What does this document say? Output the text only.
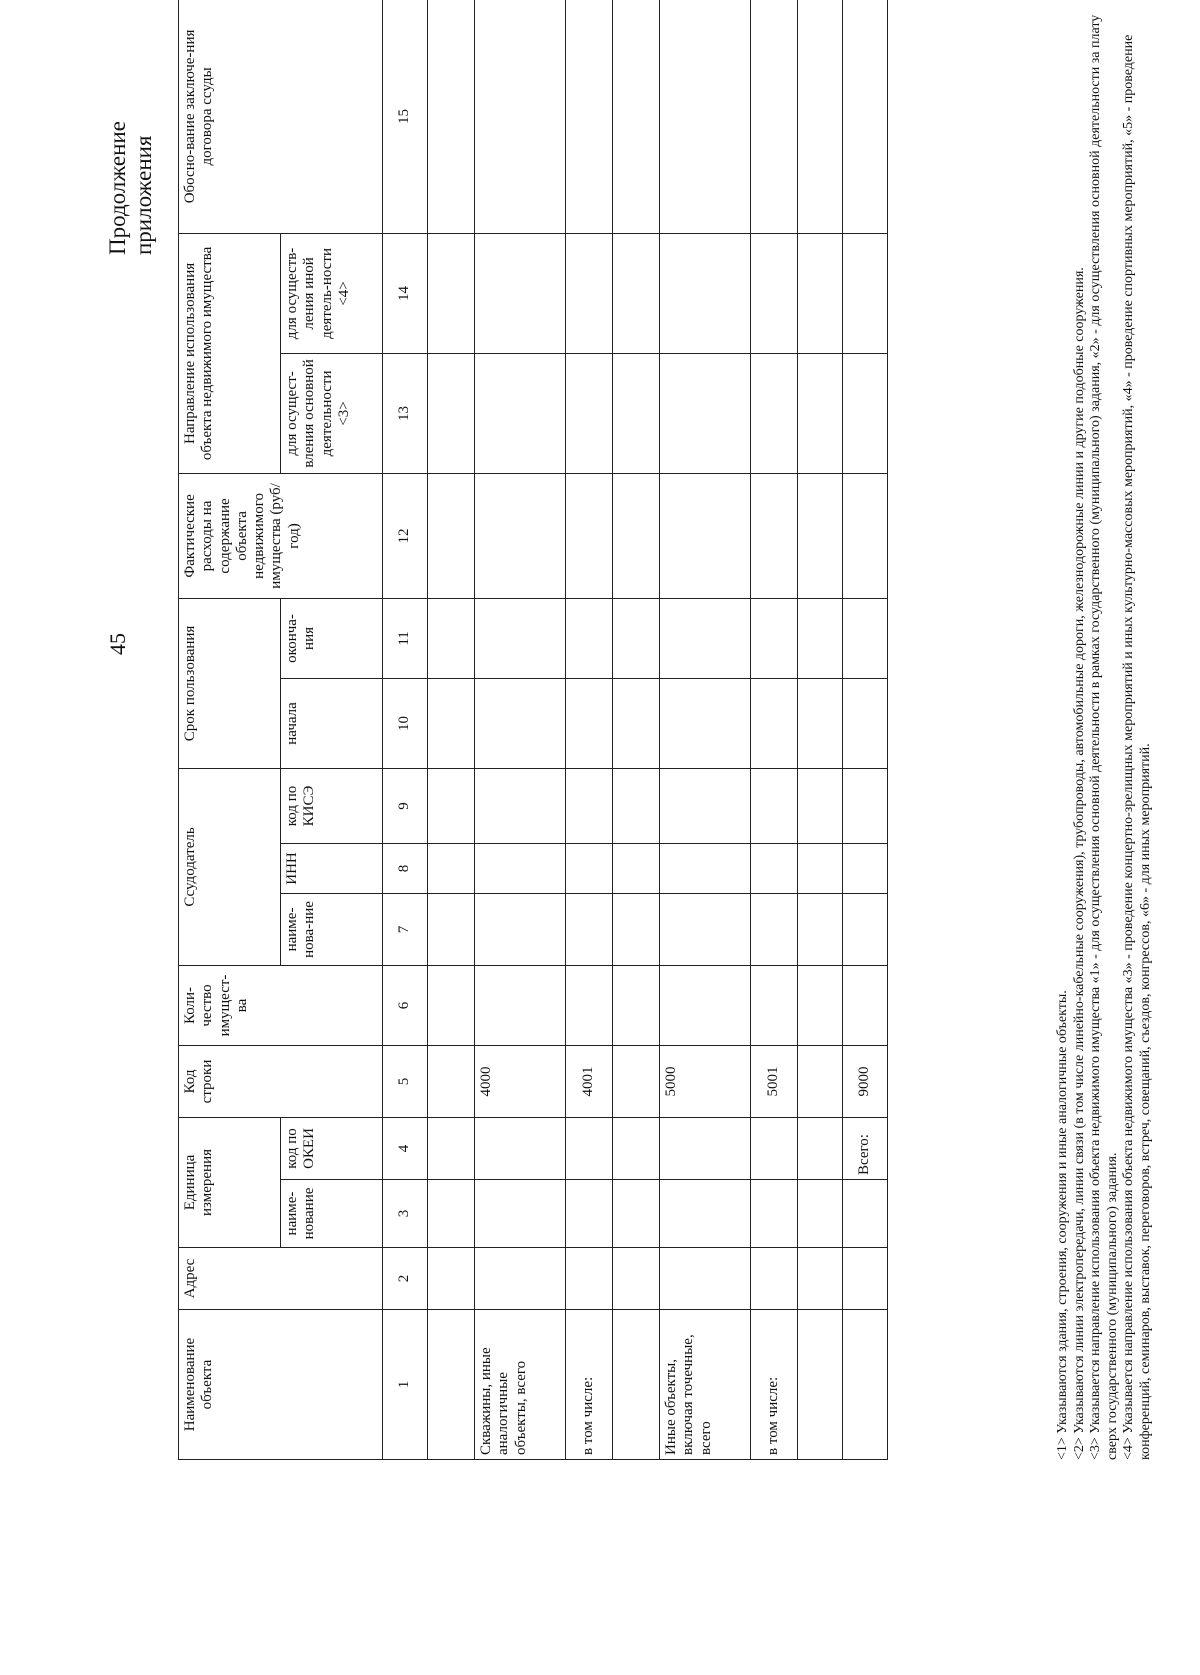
45
Продолжение приложения
Наименование объекта	Адрес	Единица измерения		Код строки	Коли-чество имущест-ва	Ссудодатель			Срок пользования		Фактические расходы на содержание объекта недвижимого имущества (руб/год)	Направление использования объекта недвижимого имущества		Обосно-вание заключе-ния договора ссуды
		наиме-нование	код по ОКЕИ			наиме-нова-ние	ИНН	код по КИСЭ	начала	оконча-ния		для осущест-вления основной деятельности <3>	для осуществ-ления иной деятель-ности <4>	
1	2	3	4	5	6	7	8	9	10	11	12	13	14	15

Скважины, иные аналогичные объекты, всего				4000										
в том числе:				4001										

Иные объекты, включая точечные, всего				5000										
в том числе:				5001										

			Всего:	9000											<1> Указываются здания, строения, сооружения и иные аналогичные объекты. <2> Указываются линии электропередачи, линии связи (в том числе линейно-кабельные сооружения), трубопроводы, автомобильные дороги, железнодорожные линии и другие подобные сооружения. <3> Указывается направление использования объекта недвижимого имущества «1» - для осуществления основной деятельности в рамках государственного (муниципального) задания, «2» - для осуществления основной деятельности за плату сверх государственного (муниципального) задания. <4> Указывается направление использования объекта недвижимого имущества «3» - проведение концертно-зрелищных мероприятий и иных культурно-массовых мероприятий, «4» - проведение спортивных мероприятий, «5» - проведение конференций, семинаров, выставок, переговоров, встреч, совещаний, съездов, конгрессов, «6» - для иных мероприятий.
